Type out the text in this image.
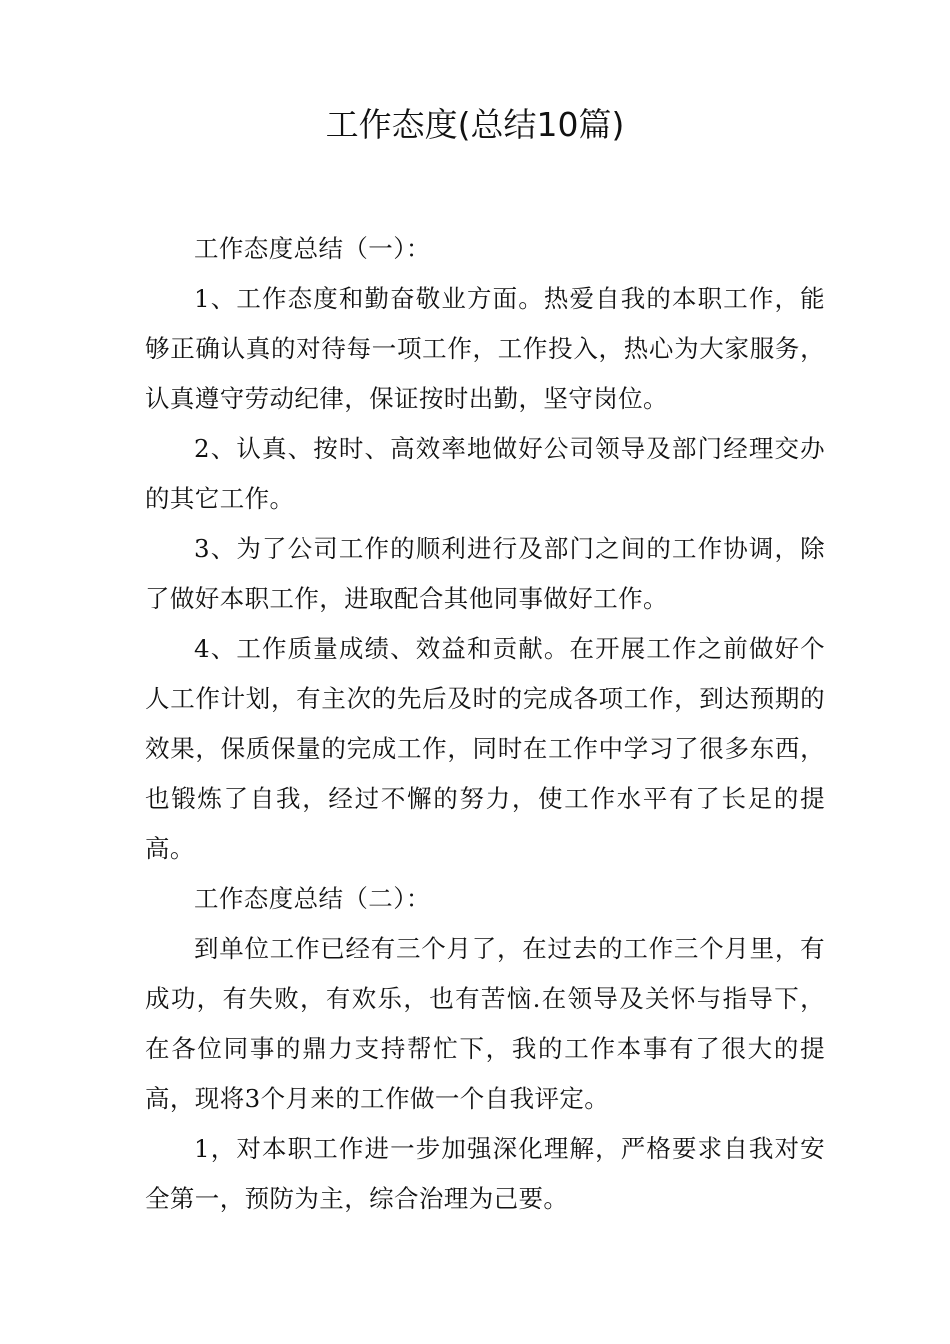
工作态度(总结10篇)

工作态度总结（一）：

1、工作态度和勤奋敬业方面。热爱自我的本职工作，能够正确认真的对待每一项工作，工作投入，热心为大家服务，认真遵守劳动纪律，保证按时出勤，坚守岗位。

2、认真、按时、高效率地做好公司领导及部门经理交办的其它工作。

3、为了公司工作的顺利进行及部门之间的工作协调，除了做好本职工作，进取配合其他同事做好工作。

4、工作质量成绩、效益和贡献。在开展工作之前做好个人工作计划，有主次的先后及时的完成各项工作，到达预期的效果，保质保量的完成工作，同时在工作中学习了很多东西，也锻炼了自我，经过不懈的努力，使工作水平有了长足的提高。

工作态度总结（二）：

到单位工作已经有三个月了，在过去的工作三个月里，有成功，有失败，有欢乐，也有苦恼.在领导及关怀与指导下，在各位同事的鼎力支持帮忙下，我的工作本事有了很大的提高，现将3个月来的工作做一个自我评定。

1，对本职工作进一步加强深化理解，严格要求自我对安全第一，预防为主，综合治理为己要。
